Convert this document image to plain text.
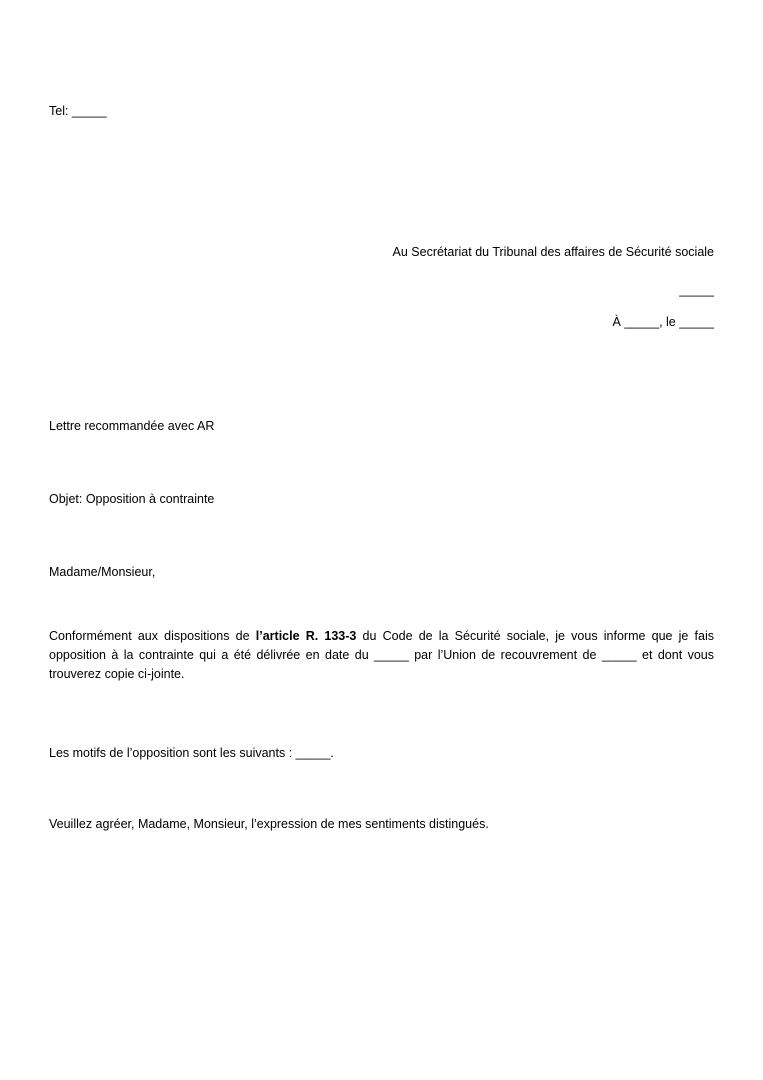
Tel: _____

Au Secrétariat du Tribunal des affaires de Sécurité sociale

_____

À _____, le _____

Lettre recommandée avec AR

Objet: Opposition à contrainte

Madame/Monsieur,

Conformément aux dispositions de l’article R. 133-3 du Code de la Sécurité sociale, je vous informe que je fais opposition à la contrainte qui a été délivrée en date du _____ par l’Union de recouvrement de _____ et dont vous trouverez copie ci-jointe.

Les motifs de l’opposition sont les suivants : _____.

Veuillez agréer, Madame, Monsieur, l’expression de mes sentiments distingués.
